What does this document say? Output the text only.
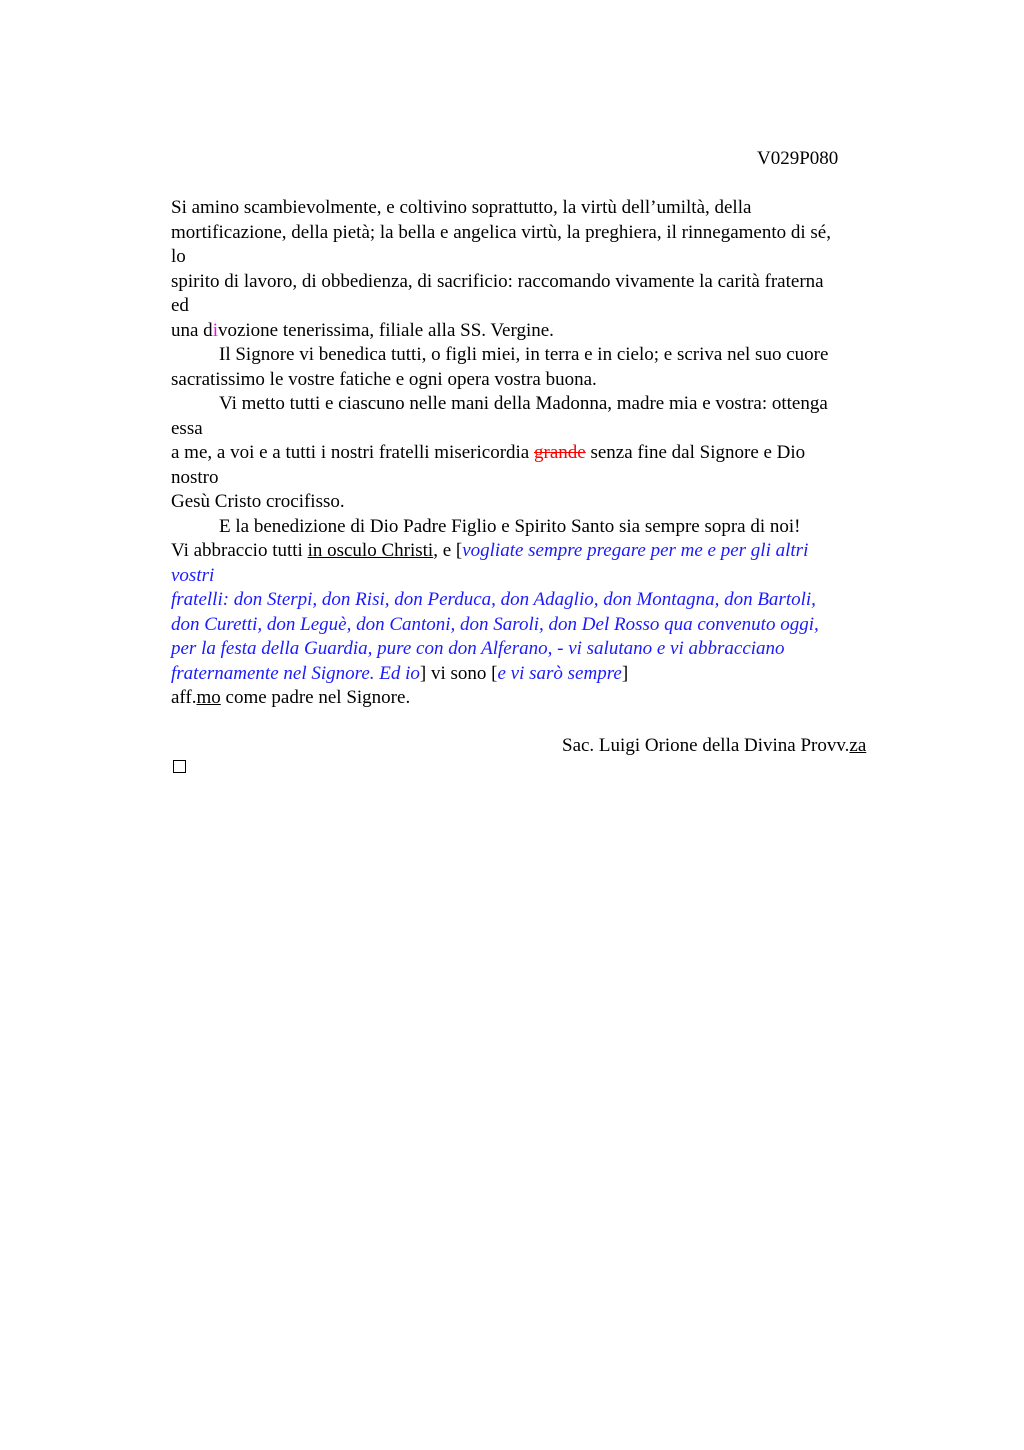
V029P080
Si amino scambievolmente, e coltivino soprattutto, la virtù dell’umiltà, della
mortificazione, della pietà; la bella e angelica virtù, la preghiera, il rinnegamento di sé,
lo
spirito di lavoro, di obbedienza, di sacrificio: raccomando vivamente la carità fraterna
ed
una divozione tenerissima, filiale alla SS. Vergine.
Il Signore vi benedica tutti, o figli miei, in terra e in cielo; e scriva nel suo cuore
sacratissimo le vostre fatiche e ogni opera vostra buona.
Vi metto tutti e ciascuno nelle mani della Madonna, madre mia e vostra: ottenga
essa
a me, a voi e a tutti i nostri fratelli misericordia grande senza fine dal Signore e Dio
nostro
Gesù Cristo crocifisso.
E la benedizione di Dio Padre Figlio e Spirito Santo sia sempre sopra di noi!
Vi abbraccio tutti in osculo Christi, e [vogliate sempre pregare per me e per gli altri
vostri
fratelli: don Sterpi, don Risi, don Perduca, don Adaglio, don Montagna, don Bartoli,
don Curetti, don Leguè, don Cantoni, don Saroli, don Del Rosso qua convenuto oggi,
per la festa della Guardia, pure con don Alferano, - vi salutano e vi abbracciano
fraternamente nel Signore. Ed io] vi sono [e vi sarò sempre]
aff.mo come padre nel Signore.
Sac. Luigi Orione della Divina Provv.za
